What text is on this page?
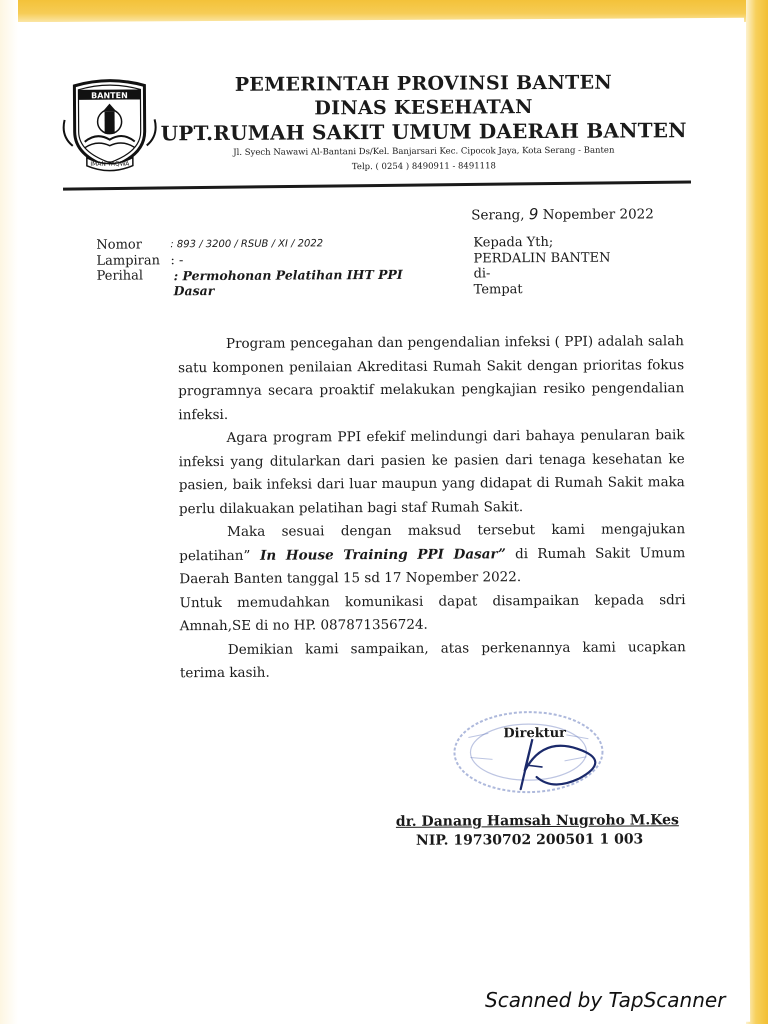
BANTEN
IMAN TAQWA
PEMERINTAH PROVINSI BANTEN
DINAS KESEHATAN
UPT.RUMAH SAKIT UMUM DAERAH BANTEN
Jl. Syech Nawawi Al-Bantani Ds/Kel. Banjarsari Kec. Cipocok Jaya, Kota Serang - Banten
Telp. ( 0254 ) 8490911 - 8491118
Serang, 9 Nopember 2022
Nomor	: 893 / 3200 / RSUB / XI / 2022
Lampiran : -
Perihal	: Permohonan Pelatihan IHT PPI Dasar
Kepada Yth;
PERDALIN BANTEN
di-
Tempat

Program pencegahan dan pengendalian infeksi ( PPI) adalah salah satu komponen penilaian Akreditasi Rumah Sakit dengan prioritas fokus programnya secara proaktif melakukan pengkajian resiko pengendalian infeksi.

Agara program PPI efekif melindungi dari bahaya penularan baik infeksi yang ditularkan dari pasien ke pasien dari tenaga kesehatan ke pasien, baik infeksi dari luar maupun yang didapat di Rumah Sakit maka perlu dilakuakan pelatihan bagi staf Rumah Sakit.

Maka sesuai dengan maksud tersebut kami mengajukan pelatihan” In House Training PPI Dasar” di Rumah Sakit Umum Daerah Banten tanggal 15 sd 17 Nopember 2022.

Untuk memudahkan komunikasi dapat disampaikan kepada sdri Amnah,SE di no HP. 087871356724.

Demikian kami sampaikan, atas perkenannya kami ucapkan terima kasih.

Direktur
dr. Danang Hamsah Nugroho M.Kes
NIP. 19730702 200501 1 003
Scanned by TapScanner
